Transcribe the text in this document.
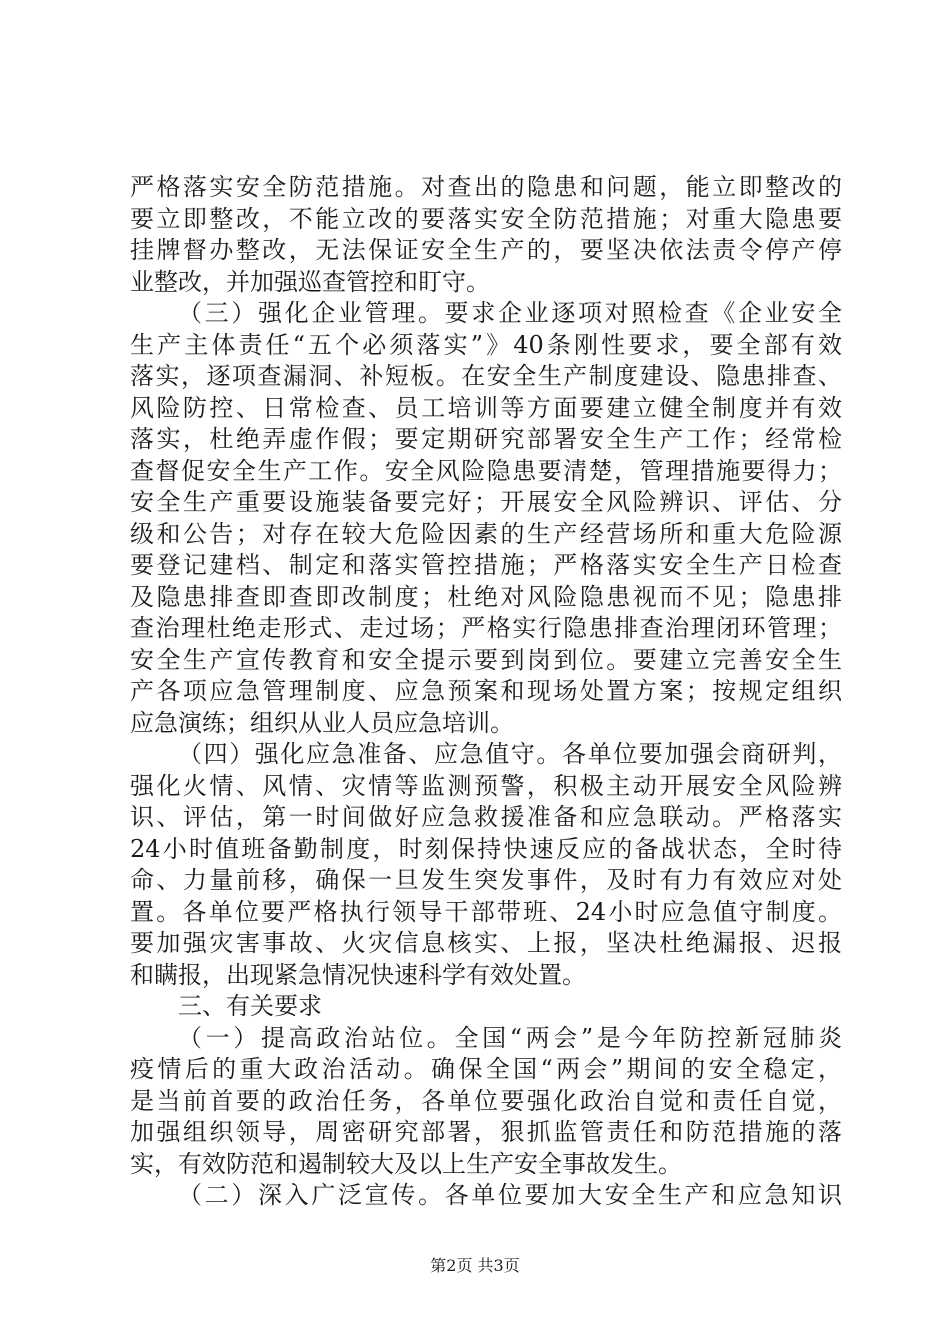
严格落实安全防范措施。对查出的隐患和问题，能立即整改的
要立即整改，不能立改的要落实安全防范措施；对重大隐患要
挂牌督办整改，无法保证安全生产的，要坚决依法责令停产停
业整改，并加强巡查管控和盯守。
（三）强化企业管理。要求企业逐项对照检查《企业安全
生产主体责任“五个必须落实”》40条刚性要求，要全部有效
落实，逐项查漏洞、补短板。在安全生产制度建设、隐患排查、
风险防控、日常检查、员工培训等方面要建立健全制度并有效
落实，杜绝弄虚作假；要定期研究部署安全生产工作；经常检
查督促安全生产工作。安全风险隐患要清楚，管理措施要得力；
安全生产重要设施装备要完好；开展安全风险辨识、评估、分
级和公告；对存在较大危险因素的生产经营场所和重大危险源
要登记建档、制定和落实管控措施；严格落实安全生产日检查
及隐患排查即查即改制度；杜绝对风险隐患视而不见；隐患排
查治理杜绝走形式、走过场；严格实行隐患排查治理闭环管理；
安全生产宣传教育和安全提示要到岗到位。要建立完善安全生
产各项应急管理制度、应急预案和现场处置方案；按规定组织
应急演练；组织从业人员应急培训。
（四）强化应急准备、应急值守。各单位要加强会商研判，
强化火情、风情、灾情等监测预警，积极主动开展安全风险辨
识、评估，第一时间做好应急救援准备和应急联动。严格落实
24小时值班备勤制度，时刻保持快速反应的备战状态，全时待
命、力量前移，确保一旦发生突发事件，及时有力有效应对处
置。各单位要严格执行领导干部带班、24小时应急值守制度。
要加强灾害事故、火灾信息核实、上报，坚决杜绝漏报、迟报
和瞒报，出现紧急情况快速科学有效处置。
三、有关要求
（一）提高政治站位。全国“两会”是今年防控新冠肺炎
疫情后的重大政治活动。确保全国“两会”期间的安全稳定，
是当前首要的政治任务，各单位要强化政治自觉和责任自觉，
加强组织领导，周密研究部署，狠抓监管责任和防范措施的落
实，有效防范和遏制较大及以上生产安全事故发生。
（二）深入广泛宣传。各单位要加大安全生产和应急知识
第2页 共3页
